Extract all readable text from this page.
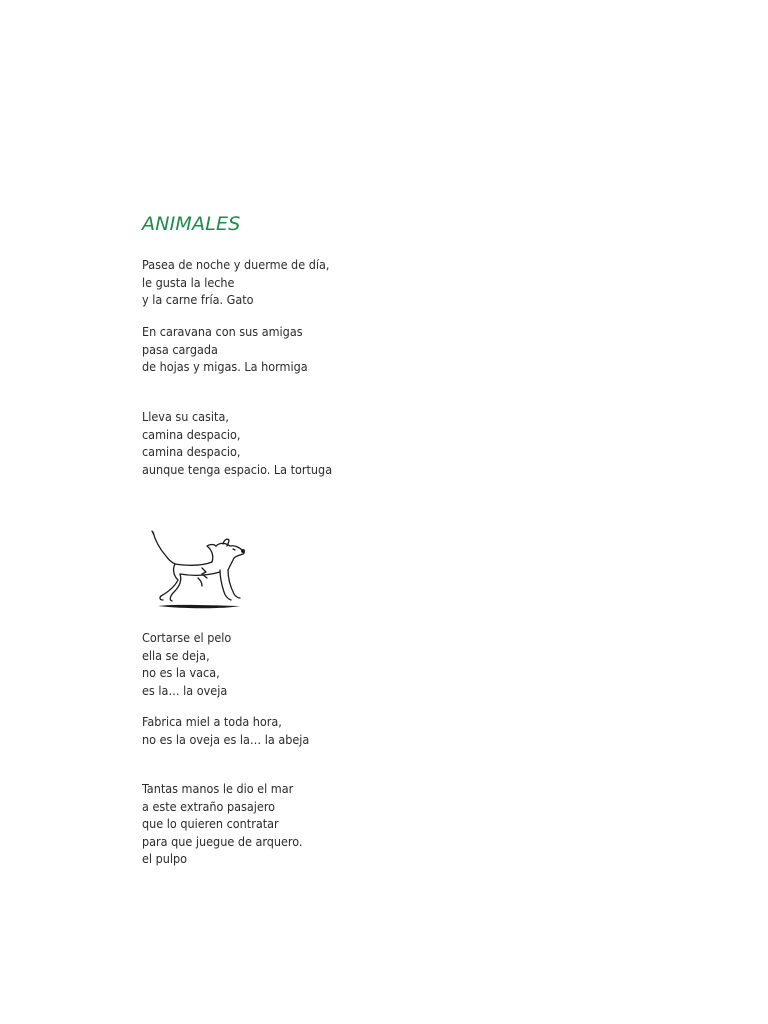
ANIMALES
Pasea de noche y duerme de día,
le gusta la leche
y la carne fría. Gato
En caravana con sus amigas
pasa cargada
de hojas y migas. La hormiga
Lleva su casita,
camina despacio,
camina despacio,
aunque tenga espacio. La tortuga
Cortarse el pelo
ella se deja,
no es la vaca,
es la… la oveja
Fabrica miel a toda hora,
no es la oveja es la… la abeja
Tantas manos le dio el mar
a este extraño pasajero
que lo quieren contratar
para que juegue de arquero.
el pulpo
